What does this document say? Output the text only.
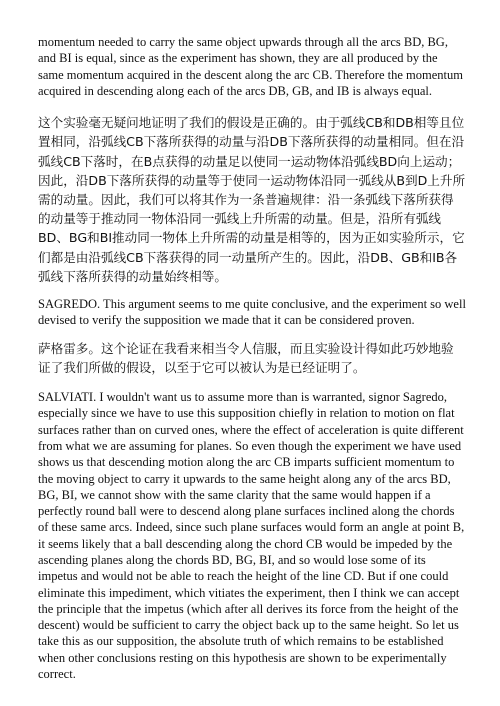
momentum needed to carry the same object upwards through all the arcs BD, BG, and BI is equal, since as the experiment has shown, they are all produced by the same momentum acquired in the descent along the arc CB. Therefore the momentum acquired in descending along each of the arcs DB, GB, and IB is always equal.

这个实验毫无疑问地证明了我们的假设是正确的。由于弧线CB和DB相等且位置相同，沿弧线CB下落所获得的动量与沿DB下落所获得的动量相同。但在沿弧线CB下落时，在B点获得的动量足以使同一运动物体沿弧线BD向上运动；因此，沿DB下落所获得的动量等于使同一运动物体沿同一弧线从B到D上升所需的动量。因此，我们可以将其作为一条普遍规律：沿一条弧线下落所获得的动量等于推动同一物体沿同一弧线上升所需的动量。但是，沿所有弧线BD、BG和BI推动同一物体上升所需的动量是相等的，因为正如实验所示，它们都是由沿弧线CB下落获得的同一动量所产生的。因此，沿DB、GB和IB各弧线下落所获得的动量始终相等。

SAGREDO. This argument seems to me quite conclusive, and the experiment so well devised to verify the supposition we made that it can be considered proven.

萨格雷多。这个论证在我看来相当令人信服，而且实验设计得如此巧妙地验证了我们所做的假设，以至于它可以被认为是已经证明了。

SALVIATI. I wouldn't want us to assume more than is warranted, signor Sagredo, especially since we have to use this supposition chiefly in relation to motion on flat surfaces rather than on curved ones, where the effect of acceleration is quite different from what we are assuming for planes. So even though the experiment we have used shows us that descending motion along the arc CB imparts sufficient momentum to the moving object to carry it upwards to the same height along any of the arcs BD, BG, BI, we cannot show with the same clarity that the same would happen if a perfectly round ball were to descend along plane surfaces inclined along the chords of these same arcs. Indeed, since such plane surfaces would form an angle at point B, it seems likely that a ball descending along the chord CB would be impeded by the ascending planes along the chords BD, BG, BI, and so would lose some of its impetus and would not be able to reach the height of the line CD. But if one could eliminate this impediment, which vitiates the experiment, then I think we can accept the principle that the impetus (which after all derives its force from the height of the descent) would be sufficient to carry the object back up to the same height. So let us take this as our supposition, the absolute truth of which remains to be established when other conclusions resting on this hypothesis are shown to be experimentally correct.
